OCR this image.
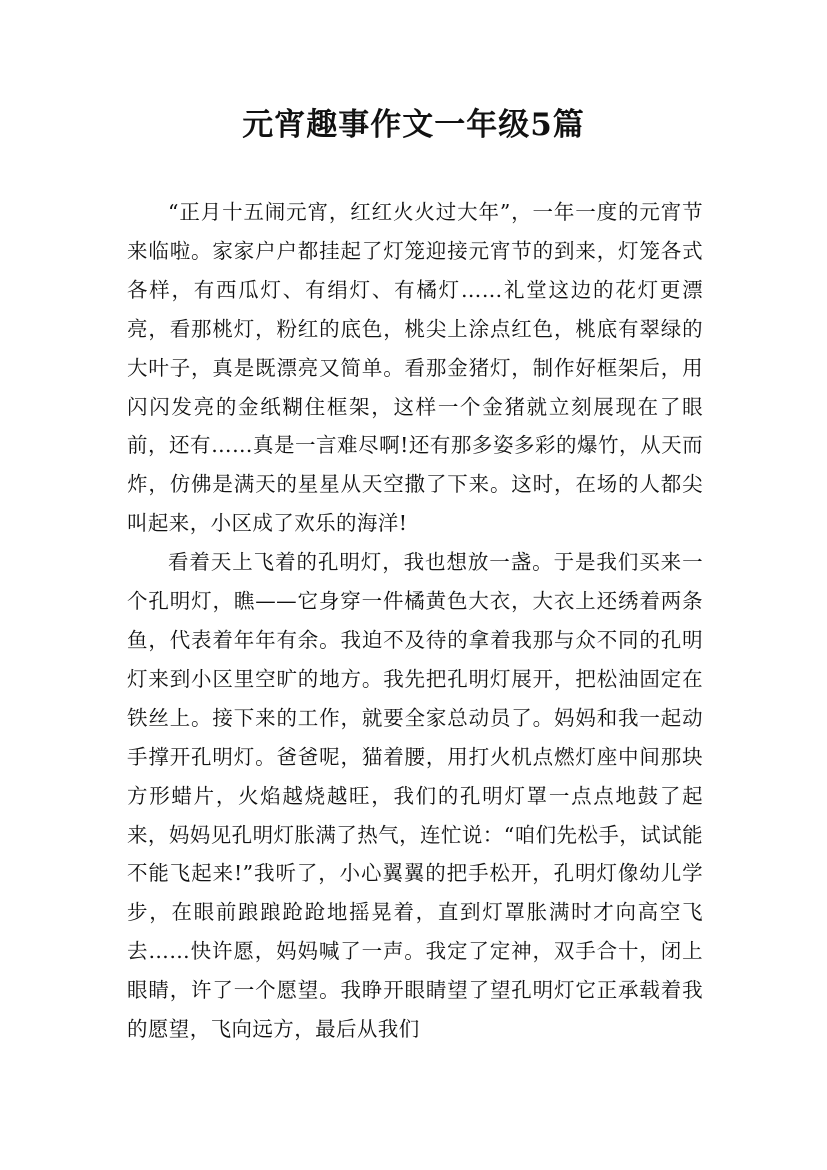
元宵趣事作文一年级5篇

“正月十五闹元宵，红红火火过大年”，一年一度的元宵节来临啦。家家户户都挂起了灯笼迎接元宵节的到来，灯笼各式各样，有西瓜灯、有绢灯、有橘灯……礼堂这边的花灯更漂亮，看那桃灯，粉红的底色，桃尖上涂点红色，桃底有翠绿的大叶子，真是既漂亮又简单。看那金猪灯，制作好框架后，用闪闪发亮的金纸糊住框架，这样一个金猪就立刻展现在了眼前，还有……真是一言难尽啊!还有那多姿多彩的爆竹，从天而炸，仿佛是满天的星星从天空撒了下来。这时，在场的人都尖叫起来，小区成了欢乐的海洋!

看着天上飞着的孔明灯，我也想放一盏。于是我们买来一个孔明灯，瞧——它身穿一件橘黄色大衣，大衣上还绣着两条鱼，代表着年年有余。我迫不及待的拿着我那与众不同的孔明灯来到小区里空旷的地方。我先把孔明灯展开，把松油固定在铁丝上。接下来的工作，就要全家总动员了。妈妈和我一起动手撑开孔明灯。爸爸呢，猫着腰，用打火机点燃灯座中间那块方形蜡片，火焰越烧越旺，我们的孔明灯罩一点点地鼓了起来，妈妈见孔明灯胀满了热气，连忙说：“咱们先松手，试试能不能飞起来!”我听了，小心翼翼的把手松开，孔明灯像幼儿学步，在眼前踉踉跄跄地摇晃着，直到灯罩胀满时才向高空飞去……快许愿，妈妈喊了一声。我定了定神，双手合十，闭上眼睛，许了一个愿望。我睁开眼睛望了望孔明灯它正承载着我的愿望，飞向远方，最后从我们
